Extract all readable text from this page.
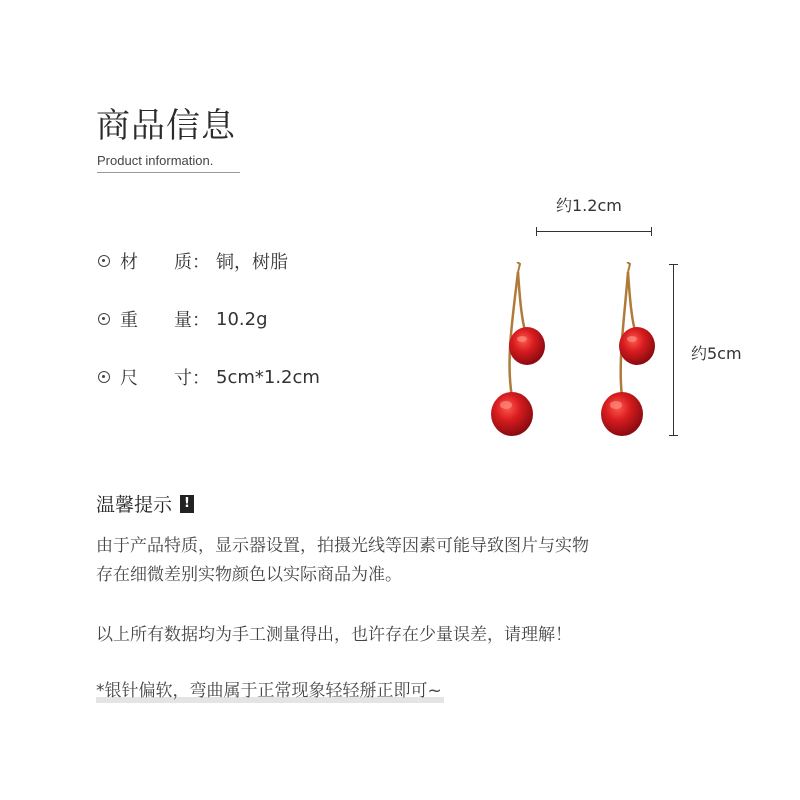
商品信息
Product information.
材　　质： 铜，树脂
重　　量： 10.2g
尺　　寸： 5cm*1.2cm
约1.2cm
约5cm
温馨提示 !
由于产品特质，显示器设置，拍摄光线等因素可能导致图片与实物
存在细微差别实物颜色以实际商品为准。
以上所有数据均为手工测量得出，也许存在少量误差，请理解！
*银针偏软，弯曲属于正常现象轻轻掰正即可~
